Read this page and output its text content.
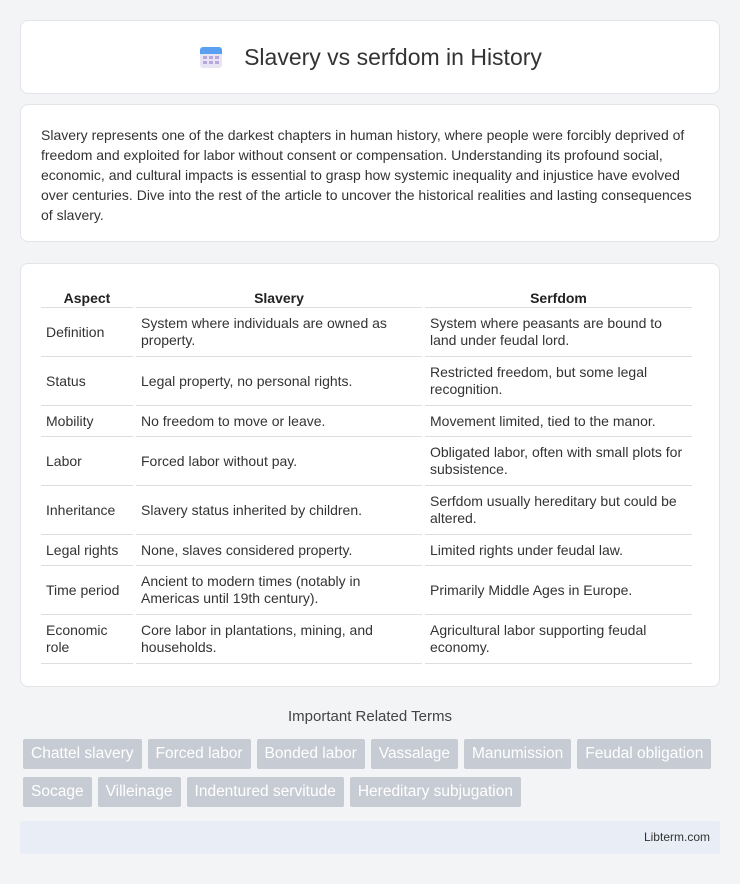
Slavery vs serfdom in History

Slavery represents one of the darkest chapters in human history, where people were forcibly deprived of freedom and exploited for labor without consent or compensation. Understanding its profound social, economic, and cultural impacts is essential to grasp how systemic inequality and injustice have evolved over centuries. Dive into the rest of the article to uncover the historical realities and lasting consequences of slavery.

Aspect	Slavery	Serfdom
Definition	System where individuals are owned as property.	System where peasants are bound to land under feudal lord.
Status	Legal property, no personal rights.	Restricted freedom, but some legal recognition.
Mobility	No freedom to move or leave.	Movement limited, tied to the manor.
Labor	Forced labor without pay.	Obligated labor, often with small plots for subsistence.
Inheritance	Slavery status inherited by children.	Serfdom usually hereditary but could be altered.
Legal rights	None, slaves considered property.	Limited rights under feudal law.
Time period	Ancient to modern times (notably in Americas until 19th century).	Primarily Middle Ages in Europe.
Economic role	Core labor in plantations, mining, and households.	Agricultural labor supporting feudal economy.
Important Related Terms
Chattel slavery	Forced labor	Bonded labor	Vassalage	Manumission	Feudal obligation
Socage	Villeinage	Indentured servitude	Hereditary subjugation
Libterm.com
